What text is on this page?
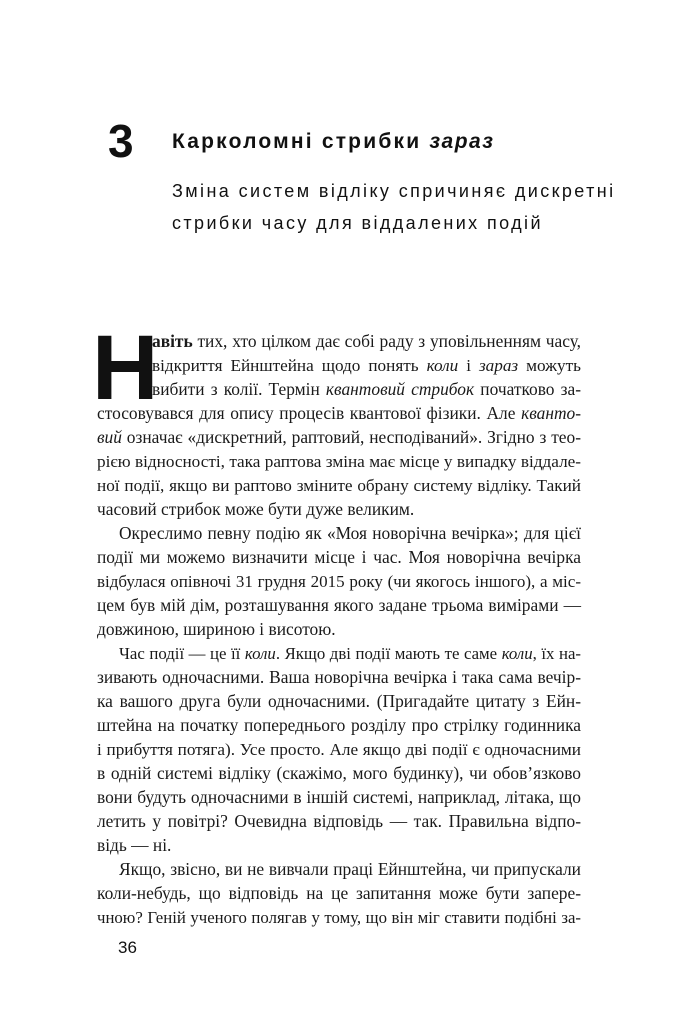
3 Карколомні стрибки зараз
Зміна систем відліку спричиняє дискретні
стрибки часу для віддалених подій
Н
авіть тих, хто цілком дає собі раду з уповільненням часу,
відкриття Ейнштейна щодо понять коли і зараз можуть
вибити з колії. Термін квантовий стрибок початково за-
стосовувався для опису процесів квантової фізики. Але кванто-
вий означає «дискретний, раптовий, несподіваний». Згідно з тео-
рією відносності, така раптова зміна має місце у випадку віддале-
ної події, якщо ви раптово зміните обрану систему відліку. Такий
часовий стрибок може бути дуже великим.
Окреслимо певну подію як «Моя новорічна вечірка»; для цієї
події ми можемо визначити місце і час. Моя новорічна вечірка
відбулася опівночі 31 грудня 2015 року (чи якогось іншого), а міс-
цем був мій дім, розташування якого задане трьома вимірами —
довжиною, шириною і висотою.
Час події — це її коли. Якщо дві події мають те саме коли, їх на-
зивають одночасними. Ваша новорічна вечірка і така сама вечір-
ка вашого друга були одночасними. (Пригадайте цитату з Ейн-
штейна на початку попереднього розділу про стрілку годинника
і прибуття потяга). Усе просто. Але якщо дві події є одночасними
в одній системі відліку (скажімо, мого будинку), чи обов’язково
вони будуть одночасними в іншій системі, наприклад, літака, що
летить у повітрі? Очевидна відповідь — так. Правильна відпо-
відь — ні.
Якщо, звісно, ви не вивчали праці Ейнштейна, чи припускали
коли-небудь, що відповідь на це запитання може бути запере-
чною? Геній ученого полягав у тому, що він міг ставити подібні за-
36
